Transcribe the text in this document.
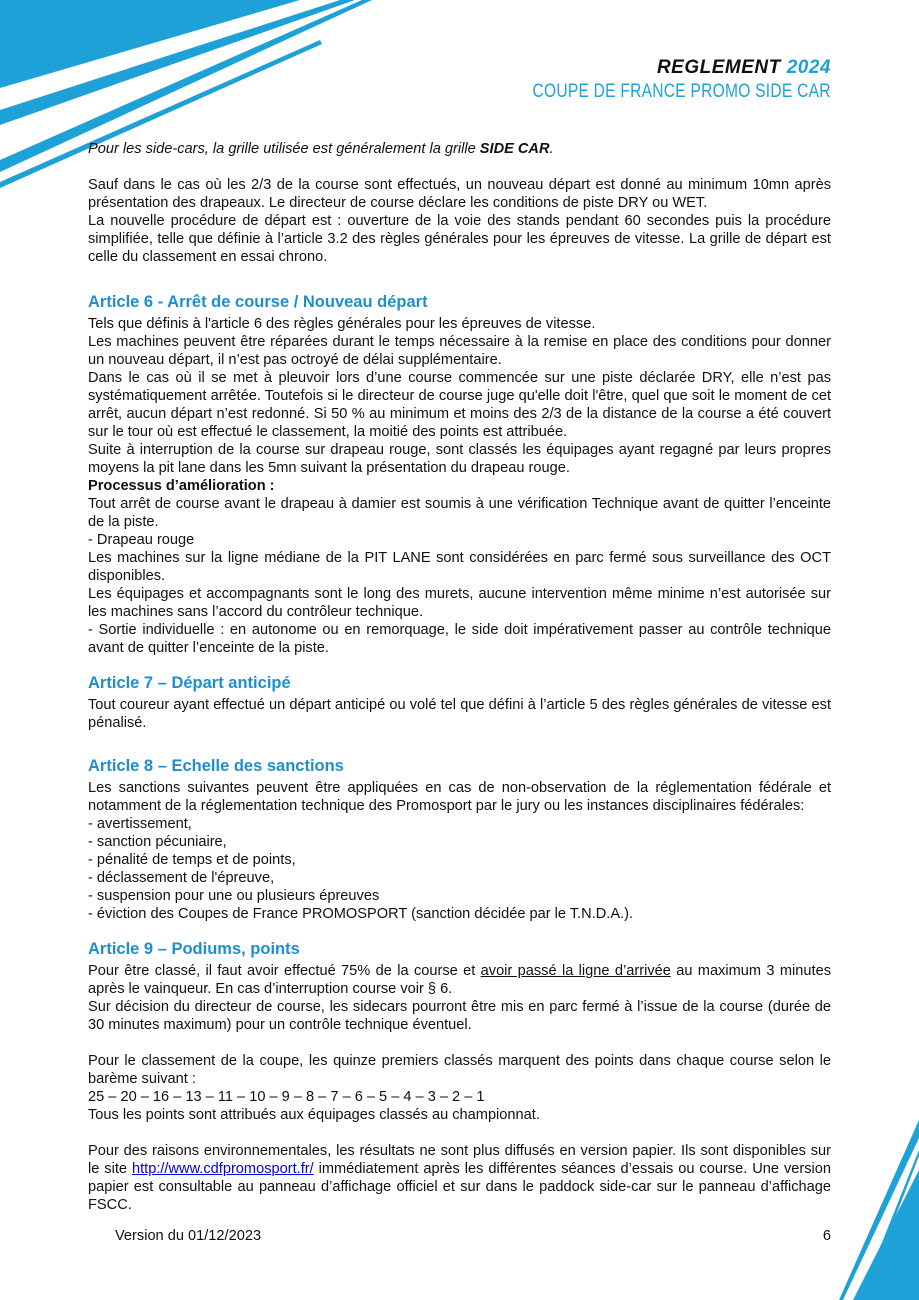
REGLEMENT 2024
COUPE DE FRANCE PROMO SIDE CAR

Pour les side-cars, la grille utilisée est généralement la grille SIDE CAR.

Sauf dans le cas où les 2/3 de la course sont effectués, un nouveau départ est donné au minimum 10mn après présentation des drapeaux. Le directeur de course déclare les conditions de piste DRY ou WET.

La nouvelle procédure de départ est : ouverture de la voie des stands pendant 60 secondes puis la procédure simplifiée, telle que définie à l’article 3.2 des règles générales pour les épreuves de vitesse. La grille de départ est celle du classement en essai chrono.

Article 6 - Arrêt de course / Nouveau départ

Tels que définis à l'article 6 des règles générales pour les épreuves de vitesse.

Les machines peuvent être réparées durant le temps nécessaire à la remise en place des conditions pour donner un nouveau départ, il n’est pas octroyé de délai supplémentaire.

Dans le cas où il se met à pleuvoir lors d’une course commencée sur une piste déclarée DRY, elle n’est pas systématiquement arrêtée. Toutefois si le directeur de course juge qu'elle doit l'être, quel que soit le moment de cet arrêt, aucun départ n’est redonné. Si 50 % au minimum et moins des 2/3 de la distance de la course a été couvert sur le tour où est effectué le classement, la moitié des points est attribuée.

Suite à interruption de la course sur drapeau rouge, sont classés les équipages ayant regagné par leurs propres moyens la pit lane dans les 5mn suivant la présentation du drapeau rouge.

Processus d’amélioration :

Tout arrêt de course avant le drapeau à damier est soumis à une vérification Technique avant de quitter l’enceinte de la piste.

- Drapeau rouge

Les machines sur la ligne médiane de la PIT LANE sont considérées en parc fermé sous surveillance des OCT disponibles.

Les équipages et accompagnants sont le long des murets, aucune intervention même minime n’est autorisée sur les machines sans l’accord du contrôleur technique.

- Sortie individuelle : en autonome ou en remorquage, le side doit impérativement passer au contrôle technique avant de quitter l’enceinte de la piste.

Article 7 – Départ anticipé

Tout coureur ayant effectué un départ anticipé ou volé tel que défini à l’article 5 des règles générales de vitesse est pénalisé.

Article 8 – Echelle des sanctions

Les sanctions suivantes peuvent être appliquées en cas de non-observation de la réglementation fédérale et notamment de la réglementation technique des Promosport par le jury ou les instances disciplinaires fédérales:

- avertissement,

- sanction pécuniaire,

- pénalité de temps et de points,

- déclassement de l'épreuve,

- suspension pour une ou plusieurs épreuves

- éviction des Coupes de France PROMOSPORT (sanction décidée par le T.N.D.A.).

Article 9 – Podiums, points

Pour être classé, il faut avoir effectué 75% de la course et avoir passé la ligne d’arrivée au maximum 3 minutes après le vainqueur. En cas d’interruption course voir § 6.

Sur décision du directeur de course, les sidecars pourront être mis en parc fermé à l’issue de la course (durée de 30 minutes maximum) pour un contrôle technique éventuel.

Pour le classement de la coupe, les quinze premiers classés marquent des points dans chaque course selon le barème suivant :

25 – 20 – 16 – 13 – 11 – 10 – 9 – 8 – 7 – 6 – 5 – 4 – 3 – 2 – 1

Tous les points sont attribués aux équipages classés au championnat.

Pour des raisons environnementales, les résultats ne sont plus diffusés en version papier. Ils sont disponibles sur le site http://www.cdfpromosport.fr/ immédiatement après les différentes séances d’essais ou course. Une version papier est consultable au panneau d’affichage officiel et sur dans le paddock side-car sur le panneau d’affichage FSCC.

Version du 01/12/2023	6
